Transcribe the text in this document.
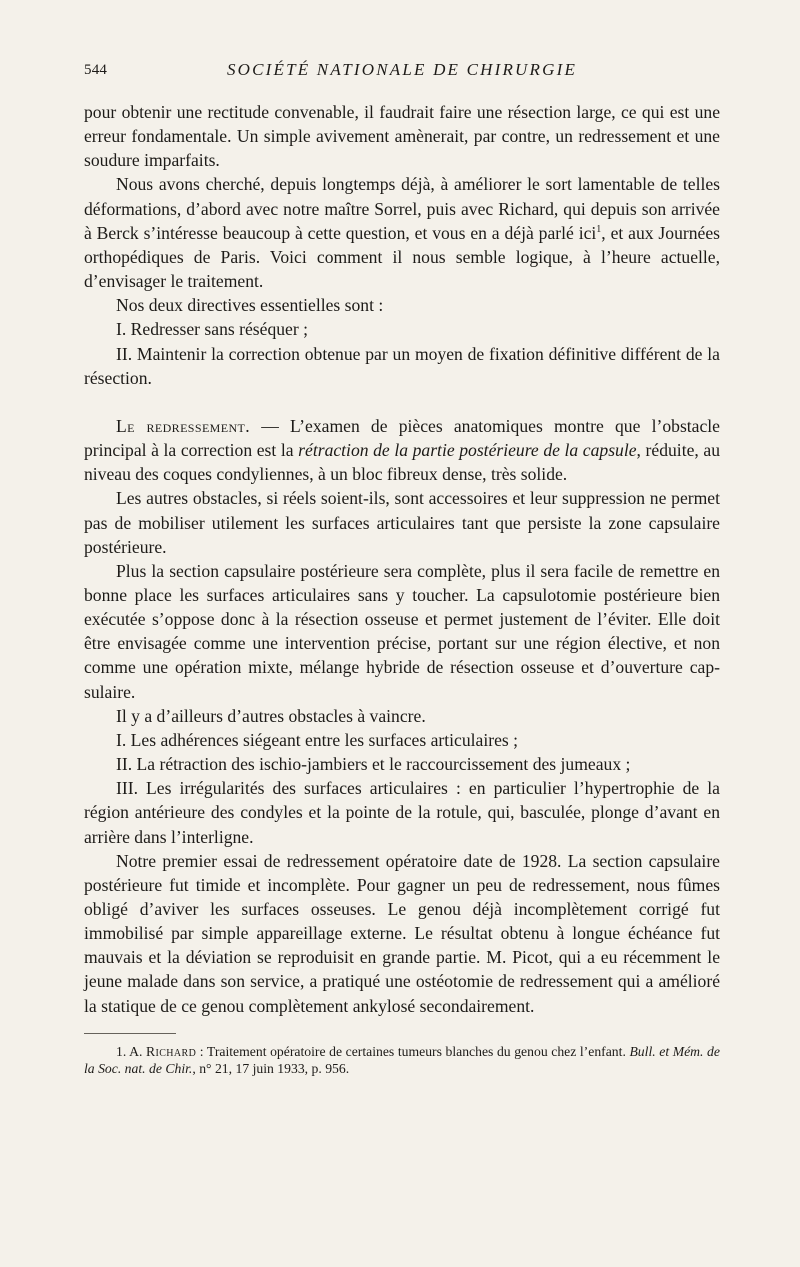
544	SOCIÉTÉ NATIONALE DE CHIRURGIE

pour obtenir une rectitude convenable, il faudrait faire une résection large, ce qui est une erreur fondamentale. Un simple avivement amènerait, par contre, un redressement et une soudure imparfaits.

Nous avons cherché, depuis longtemps déjà, à améliorer le sort lamentable de telles déformations, d’abord avec notre maître Sorrel, puis avec Richard, qui depuis son arrivée à Berck s’intéresse beaucoup à cette question, et vous en a déjà parlé ici$^1$, et aux Journées orthopédiques de Paris. Voici comment il nous semble logique, à l’heure actuelle, d’envisager le traitement.

Nos deux directives essentielles sont :

I. Redresser sans réséquer ;

II. Maintenir la correction obtenue par un moyen de fixation définitive différent de la résection.

Le redressement. — L’examen de pièces anatomiques montre que l’obstacle principal à la correction est la rétraction de la partie postérieure de la capsule, réduite, au niveau des coques condyliennes, à un bloc fibreux dense, très solide.

Les autres obstacles, si réels soient-ils, sont accessoires et leur suppression ne permet pas de mobiliser utilement les surfaces articulaires tant que persiste la zone capsulaire postérieure.

Plus la section capsulaire postérieure sera complète, plus il sera facile de remettre en bonne place les surfaces articulaires sans y toucher. La capsulotomie postérieure bien exécutée s’oppose donc à la résection osseuse et permet justement de l’éviter. Elle doit être envisagée comme une intervention précise, portant sur une région élective, et non comme une opération mixte, mélange hybride de résection osseuse et d’ouverture capsulaire.

Il y a d’ailleurs d’autres obstacles à vaincre.

I. Les adhérences siégeant entre les surfaces articulaires ;

II. La rétraction des ischio-jambiers et le raccourcissement des jumeaux ;

III. Les irrégularités des surfaces articulaires : en particulier l’hypertrophie de la région antérieure des condyles et la pointe de la rotule, qui, basculée, plonge d’avant en arrière dans l’interligne.

Notre premier essai de redressement opératoire date de 1928. La section capsulaire postérieure fut timide et incomplète. Pour gagner un peu de redressement, nous fûmes obligé d’aviver les surfaces osseuses. Le genou déjà incomplètement corrigé fut immobilisé par simple appareillage externe. Le résultat obtenu à longue échéance fut mauvais et la déviation se reproduisit en grande partie. M. Picot, qui a eu récemment le jeune malade dans son service, a pratiqué une ostéotomie de redressement qui a amélioré la statique de ce genou complètement ankylosé secondairement.

1. A. Richard : Traitement opératoire de certaines tumeurs blanches du genou chez l’enfant. Bull. et Mém. de la Soc. nat. de Chir., n° 21, 17 juin 1933, p. 956.
